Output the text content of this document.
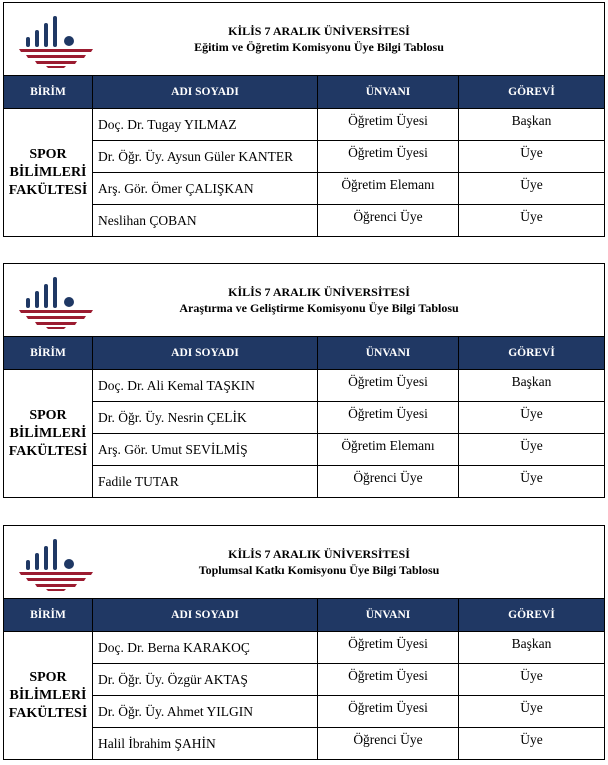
KİLİS 7 ARALIK ÜNİVERSİTESİ
Eğitim ve Öğretim Komisyonu Üye Bilgi Tablosu			

BİRİM	ADI SOYADI	ÜNVANI	GÖREVİ

SPOR
BİLİMLERİ
FAKÜLTESİ	Doç. Dr. Tugay YILMAZ	Öğretim Üyesi	Başkan
	Dr. Öğr. Üy. Aysun Güler KANTER	Öğretim Üyesi	Üye
	Arş. Gör. Ömer ÇALIŞKAN	Öğretim Elemanı	Üye
	Neslihan ÇOBAN	Öğrenci Üye	Üye
KİLİS 7 ARALIK ÜNİVERSİTESİ
Araştırma ve Geliştirme Komisyonu Üye Bilgi Tablosu			

BİRİM	ADI SOYADI	ÜNVANI	GÖREVİ

SPOR
BİLİMLERİ
FAKÜLTESİ	Doç. Dr. Ali Kemal TAŞKIN	Öğretim Üyesi	Başkan
	Dr. Öğr. Üy. Nesrin ÇELİK	Öğretim Üyesi	Üye
	Arş. Gör. Umut SEVİLMİŞ	Öğretim Elemanı	Üye
	Fadile TUTAR	Öğrenci Üye	Üye
KİLİS 7 ARALIK ÜNİVERSİTESİ
Toplumsal Katkı Komisyonu Üye Bilgi Tablosu			

BİRİM	ADI SOYADI	ÜNVANI	GÖREVİ

SPOR
BİLİMLERİ
FAKÜLTESİ	Doç. Dr. Berna KARAKOÇ	Öğretim Üyesi	Başkan
	Dr. Öğr. Üy. Özgür AKTAŞ	Öğretim Üyesi	Üye
	Dr. Öğr. Üy. Ahmet YILGIN	Öğretim Üyesi	Üye
	Halil İbrahim ŞAHİN	Öğrenci Üye	Üye
